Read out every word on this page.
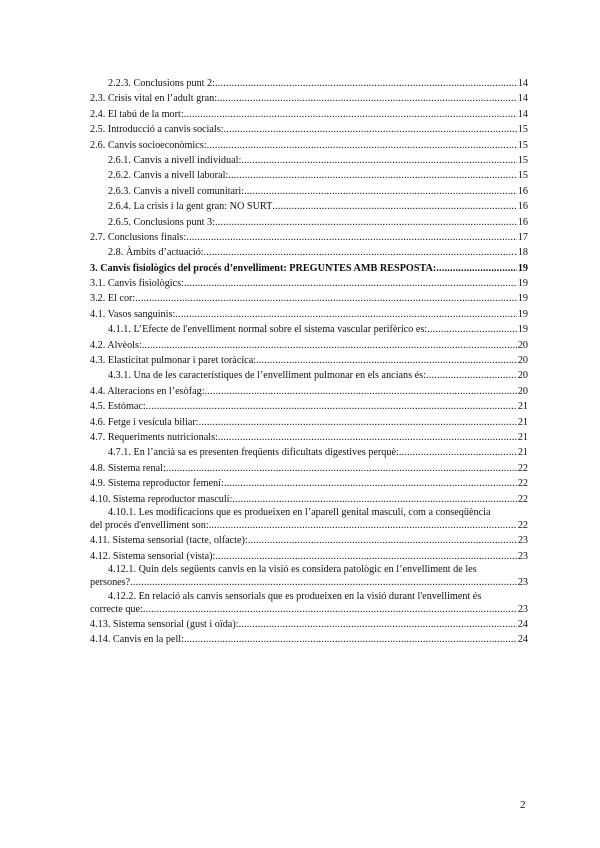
2.2.3. Conclusions punt 2: .....	14
2.3. Crisis vital en l’adult gran: .....	14
2.4. El tabú de la mort: .....	14
2.5. Introducció a canvis socials: .....	15
2.6. Canvis socioeconòmics: .....	15
2.6.1. Canvis a nivell individual: .....	15
2.6.2. Canvis a nivell laboral: .....	15
2.6.3. Canvis a nivell comunitari: .....	16
2.6.4. La crisis i la gent gran: NO SURT .....	16
2.6.5. Conclusions punt 3: .....	16
2.7. Conclusions finals: .....	17
2.8. Àmbits d’actuació: .....	18
3. Canvis fisiològics del procés d’envelliment: PREGUNTES AMB RESPOSTA: .....	19
3.1. Canvis fisiològics: .....	19
3.2. El cor: .....	19
4.1. Vasos sanguinis: .....	19
4.1.1. L’Efecte de l'envelliment normal sobre el sistema vascular perifèrico es: .....	19
4.2. Alvèols: .....	20
4.3. Elasticitat pulmonar i paret toràcica: .....	20
4.3.1. Una de les característiques de l’envelliment pulmonar en els ancians és: .....	20
4.4. Alteracions en l’esòfag: .....	20
4.5. Estómac: .....	21
4.6. Fetge i vesícula biliar: .....	21
4.7. Requeriments nutricionals: .....	21
4.7.1. En l’ancià sa es presenten freqüents dificultats digestives perquè: .....	21
4.8. Sistema renal: .....	22
4.9. Sistema reproductor femení: .....	22
4.10. Sistema reproductor masculí: .....	22
4.10.1. Les modificacions que es produeixen en l’aparell genital masculí, com a conseqüència
del procés d'envelliment son: .....	22
4.11. Sistema sensorial (tacte, olfacte): .....	23
4.12. Sistema sensorial (vista): .....	23
4.12.1. Quin dels següents canvis en la visió es considera patològic en l’envelliment de les
persones? .....	23
4.12.2. En relació als canvis sensorials que es produeixen en la visió durant l'envelliment és
correcte que: .....	23
4.13. Sistema sensorial (gust i oïda): .....	24
4.14. Canvis en la pell: .....	24
2
